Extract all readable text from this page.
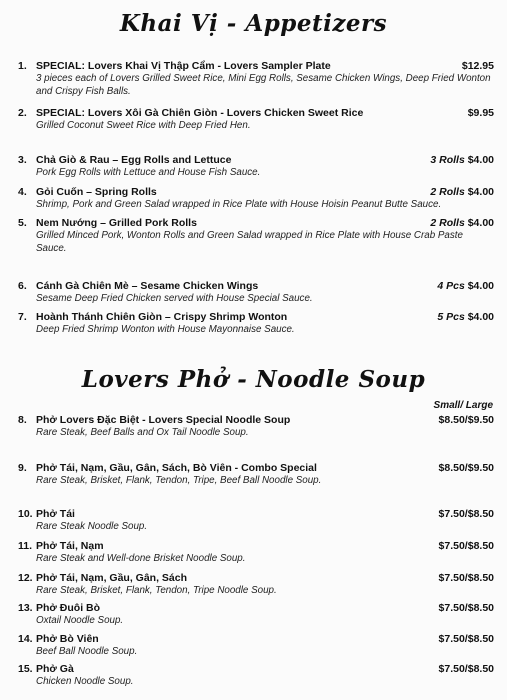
Khai Vị - Appetizers
1. SPECIAL: Lovers Khai Vị Thập Cẩm - Lovers Sampler Plate	$12.95
3 pieces each of Lovers Grilled Sweet Rice, Mini Egg Rolls, Sesame Chicken Wings, Deep Fried Wonton and Crispy Fish Balls.
2. SPECIAL: Lovers Xôi Gà Chiên Giòn - Lovers Chicken Sweet Rice	$9.95
Grilled Coconut Sweet Rice with Deep Fried Hen.
3. Chả Giò & Rau – Egg Rolls and Lettuce	3 Rolls $4.00
Pork Egg Rolls with Lettuce and House Fish Sauce.
4. Gỏi Cuốn – Spring Rolls	2 Rolls $4.00
Shrimp, Pork and Green Salad wrapped in Rice Plate with House Hoisin Peanut Butte Sauce.
5. Nem Nướng – Grilled Pork Rolls	2 Rolls $4.00
Grilled Minced Pork, Wonton Rolls and Green Salad wrapped in Rice Plate with House Crab Paste Sauce.
6. Cánh Gà Chiên Mè – Sesame Chicken Wings	4 Pcs $4.00
Sesame Deep Fried Chicken served with House Special Sauce.
7. Hoành Thánh Chiên Giòn – Crispy Shrimp Wonton	5 Pcs $4.00
Deep Fried Shrimp Wonton with House Mayonnaise Sauce.
Lovers Phở - Noodle Soup
Small/ Large
8. Phở Lovers Đặc Biệt - Lovers Special Noodle Soup	$8.50/$9.50
Rare Steak, Beef Balls and Ox Tail Noodle Soup.
9. Phở Tái, Nạm, Gầu, Gân, Sách, Bò Viên - Combo Special	$8.50/$9.50
Rare Steak, Brisket, Flank, Tendon, Tripe, Beef Ball Noodle Soup.
10. Phở Tái	$7.50/$8.50
Rare Steak Noodle Soup.
11. Phở Tái, Nạm	$7.50/$8.50
Rare Steak and Well-done Brisket Noodle Soup.
12. Phở Tái, Nạm, Gầu, Gân, Sách	$7.50/$8.50
Rare Steak, Brisket, Flank, Tendon, Tripe Noodle Soup.
13. Phở Đuôi Bò	$7.50/$8.50
Oxtail Noodle Soup.
14. Phở Bò Viên	$7.50/$8.50
Beef Ball Noodle Soup.
15. Phở Gà	$7.50/$8.50
Chicken Noodle Soup.
